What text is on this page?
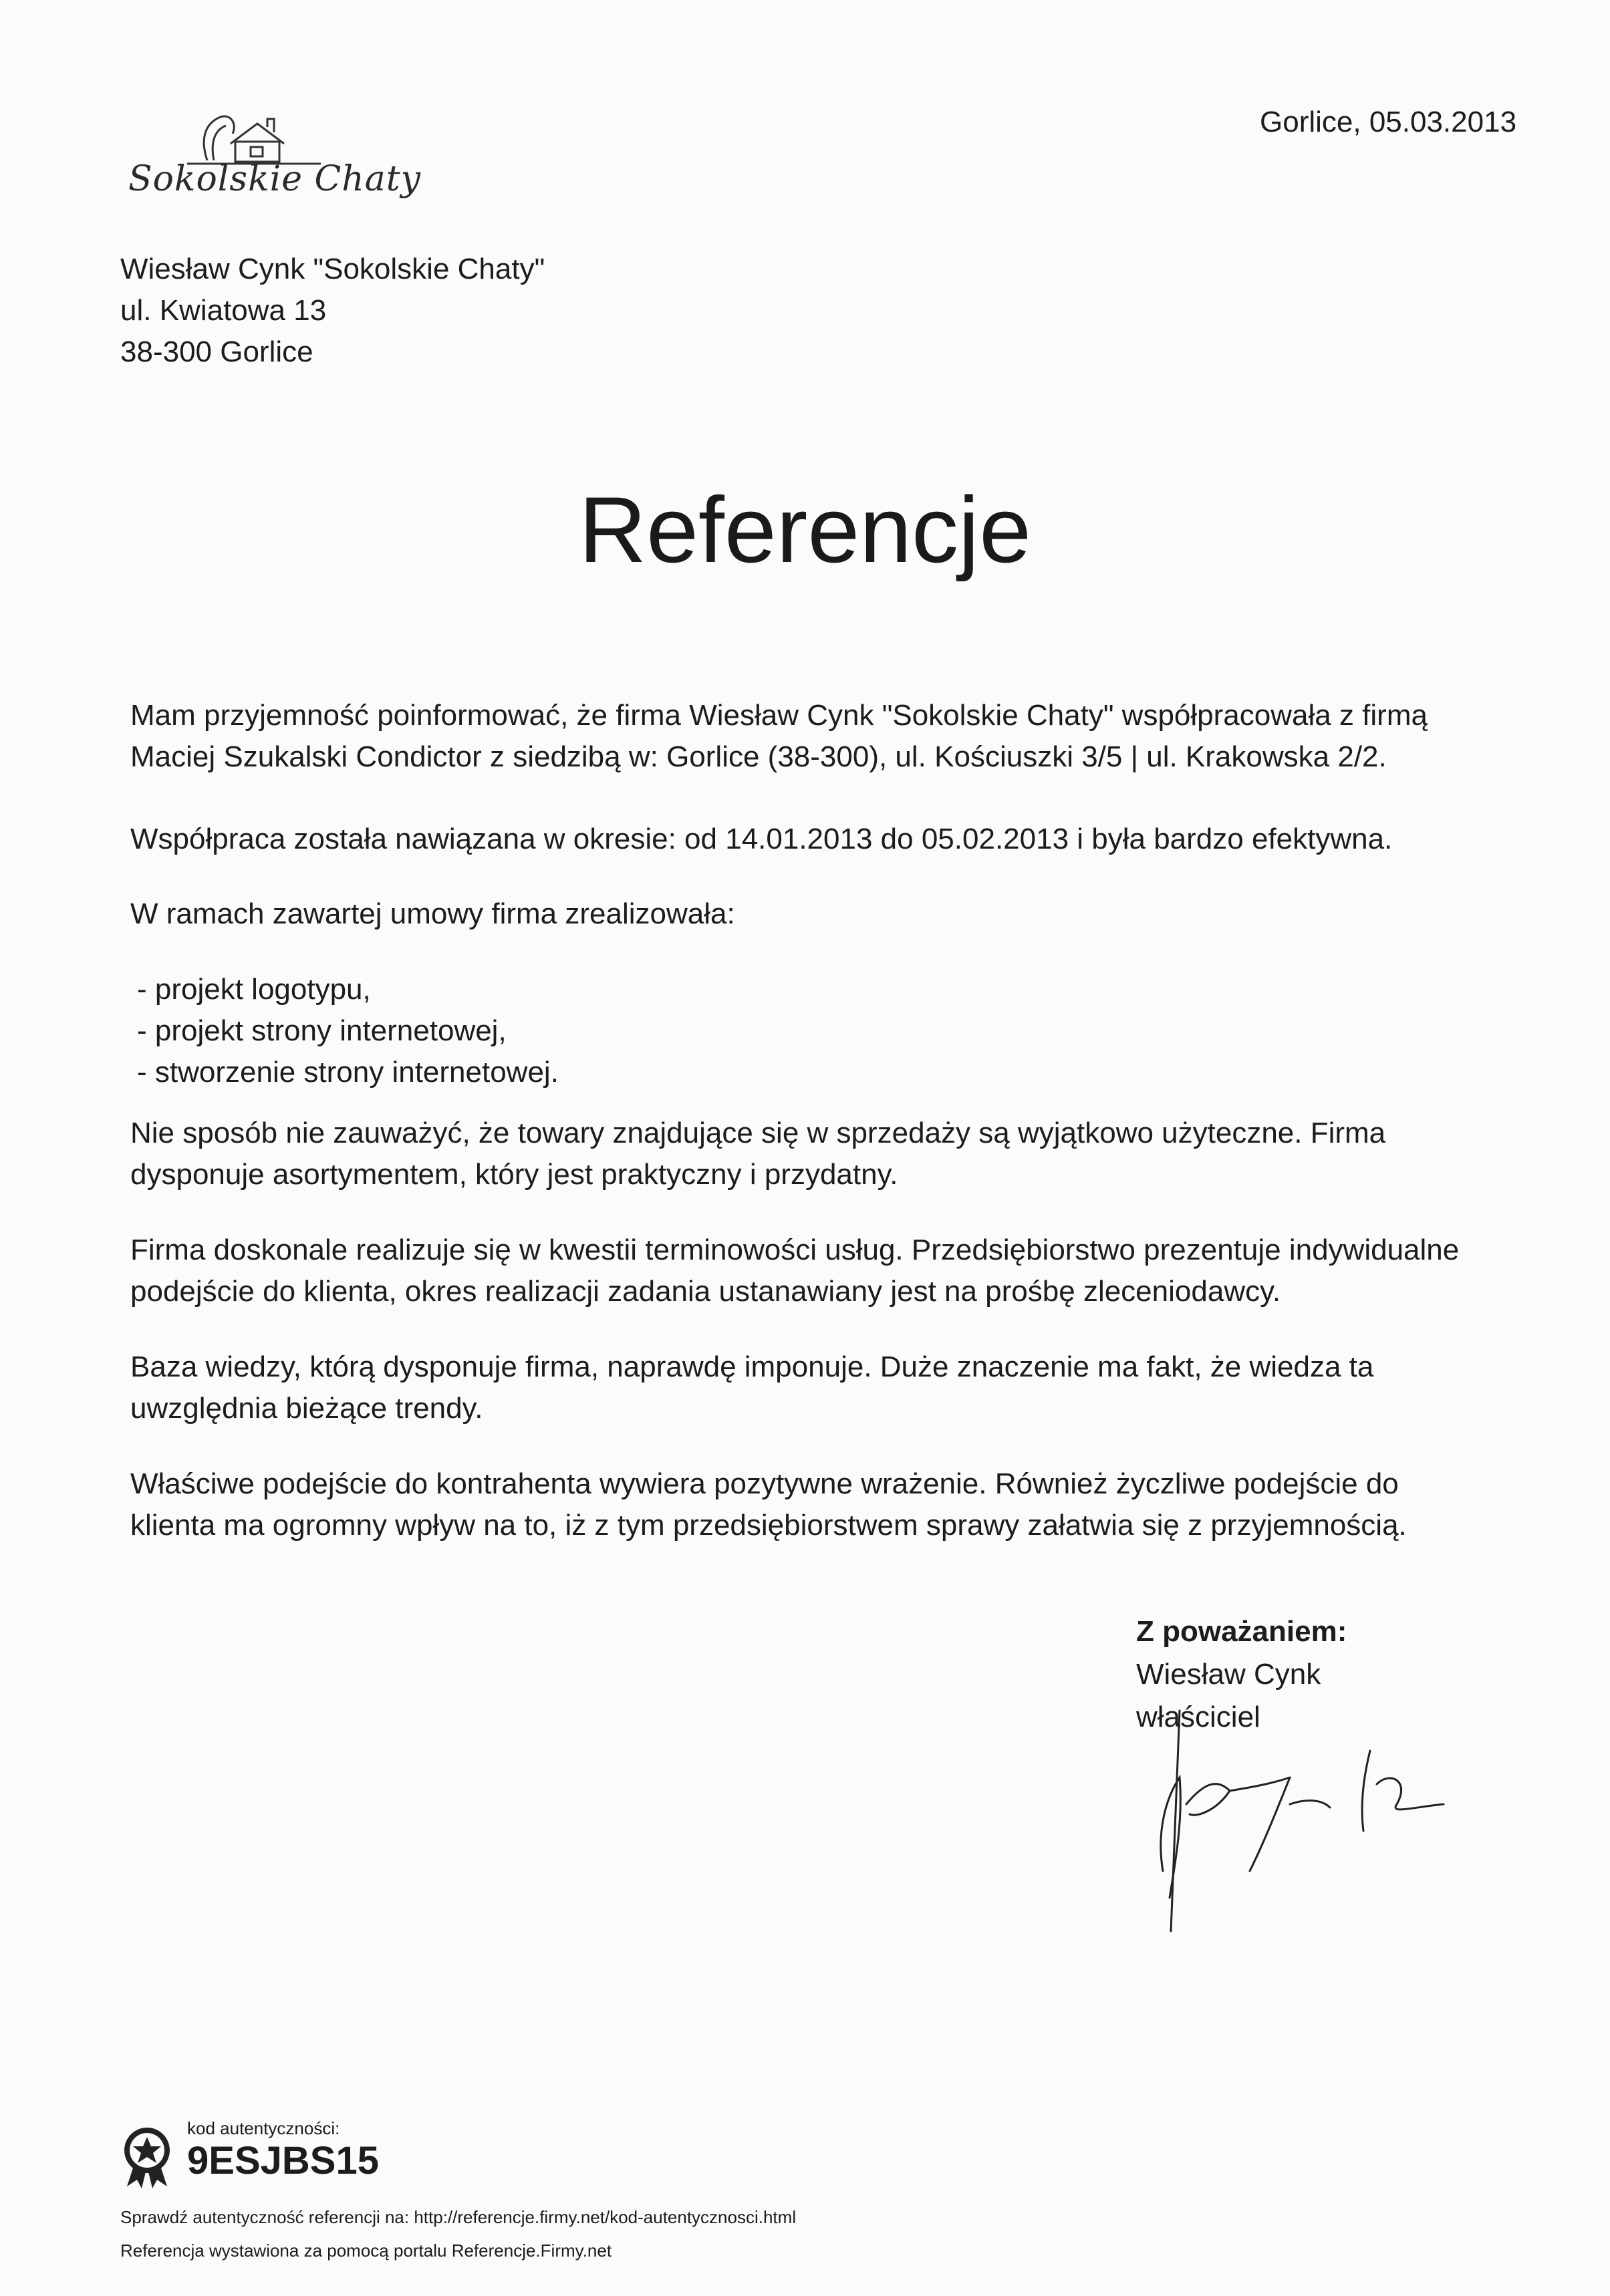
Sokolskie Chaty
Gorlice, 05.03.2013
Wiesław Cynk "Sokolskie Chaty"
ul. Kwiatowa 13
38-300 Gorlice
Referencje
Mam przyjemność poinformować, że firma Wiesław Cynk "Sokolskie Chaty" współpracowała z firmą
Maciej Szukalski Condictor z siedzibą w: Gorlice (38-300), ul. Kościuszki 3/5 | ul. Krakowska 2/2.
Współpraca została nawiązana w okresie: od 14.01.2013 do 05.02.2013 i była bardzo efektywna.
W ramach zawartej umowy firma zrealizowała:
- projekt logotypu,
- projekt strony internetowej,
- stworzenie strony internetowej.
Nie sposób nie zauważyć, że towary znajdujące się w sprzedaży są wyjątkowo użyteczne. Firma
dysponuje asortymentem, który jest praktyczny i przydatny.
Firma doskonale realizuje się w kwestii terminowości usług. Przedsiębiorstwo prezentuje indywidualne
podejście do klienta, okres realizacji zadania ustanawiany jest na prośbę zleceniodawcy.
Baza wiedzy, którą dysponuje firma, naprawdę imponuje. Duże znaczenie ma fakt, że wiedza ta
uwzględnia bieżące trendy.
Właściwe podejście do kontrahenta wywiera pozytywne wrażenie. Również życzliwe podejście do
klienta ma ogromny wpływ na to, iż z tym przedsiębiorstwem sprawy załatwia się z przyjemnością.
Z poważaniem:
Wiesław Cynk
właściciel
kod autentyczności:
9ESJBS15
Sprawdź autentyczność referencji na: http://referencje.firmy.net/kod-autentycznosci.html
Referencja wystawiona za pomocą portalu Referencje.Firmy.net
